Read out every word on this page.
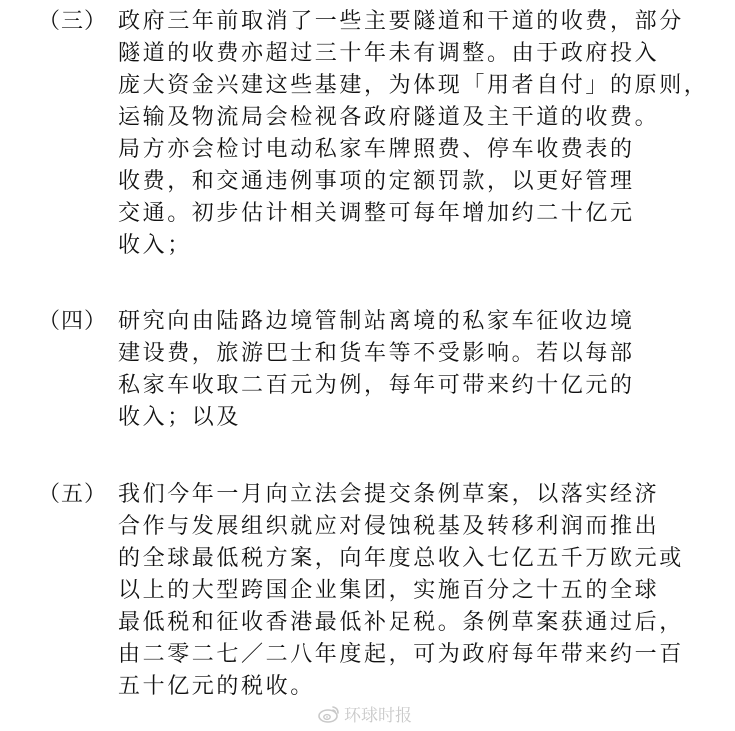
（三） 政府三年前取消了一些主要隧道和干道的收费，部分
隧道的收费亦超过三十年未有调整。由于政府投入
庞大资金兴建这些基建，为体现「用者自付」的原则，
运输及物流局会检视各政府隧道及主干道的收费。
局方亦会检讨电动私家车牌照费、停车收费表的
收费，和交通违例事项的定额罚款，以更好管理
交通。初步估计相关调整可每年增加约二十亿元
收入；
（四） 研究向由陆路边境管制站离境的私家车征收边境
建设费，旅游巴士和货车等不受影响。若以每部
私家车收取二百元为例，每年可带来约十亿元的
收入；以及
（五） 我们今年一月向立法会提交条例草案，以落实经济
合作与发展组织就应对侵蚀税基及转移利润而推出
的全球最低税方案，向年度总收入七亿五千万欧元或
以上的大型跨国企业集团，实施百分之十五的全球
最低税和征收香港最低补足税。条例草案获通过后，
由二零二七／二八年度起，可为政府每年带来约一百
五十亿元的税收。
环球时报
